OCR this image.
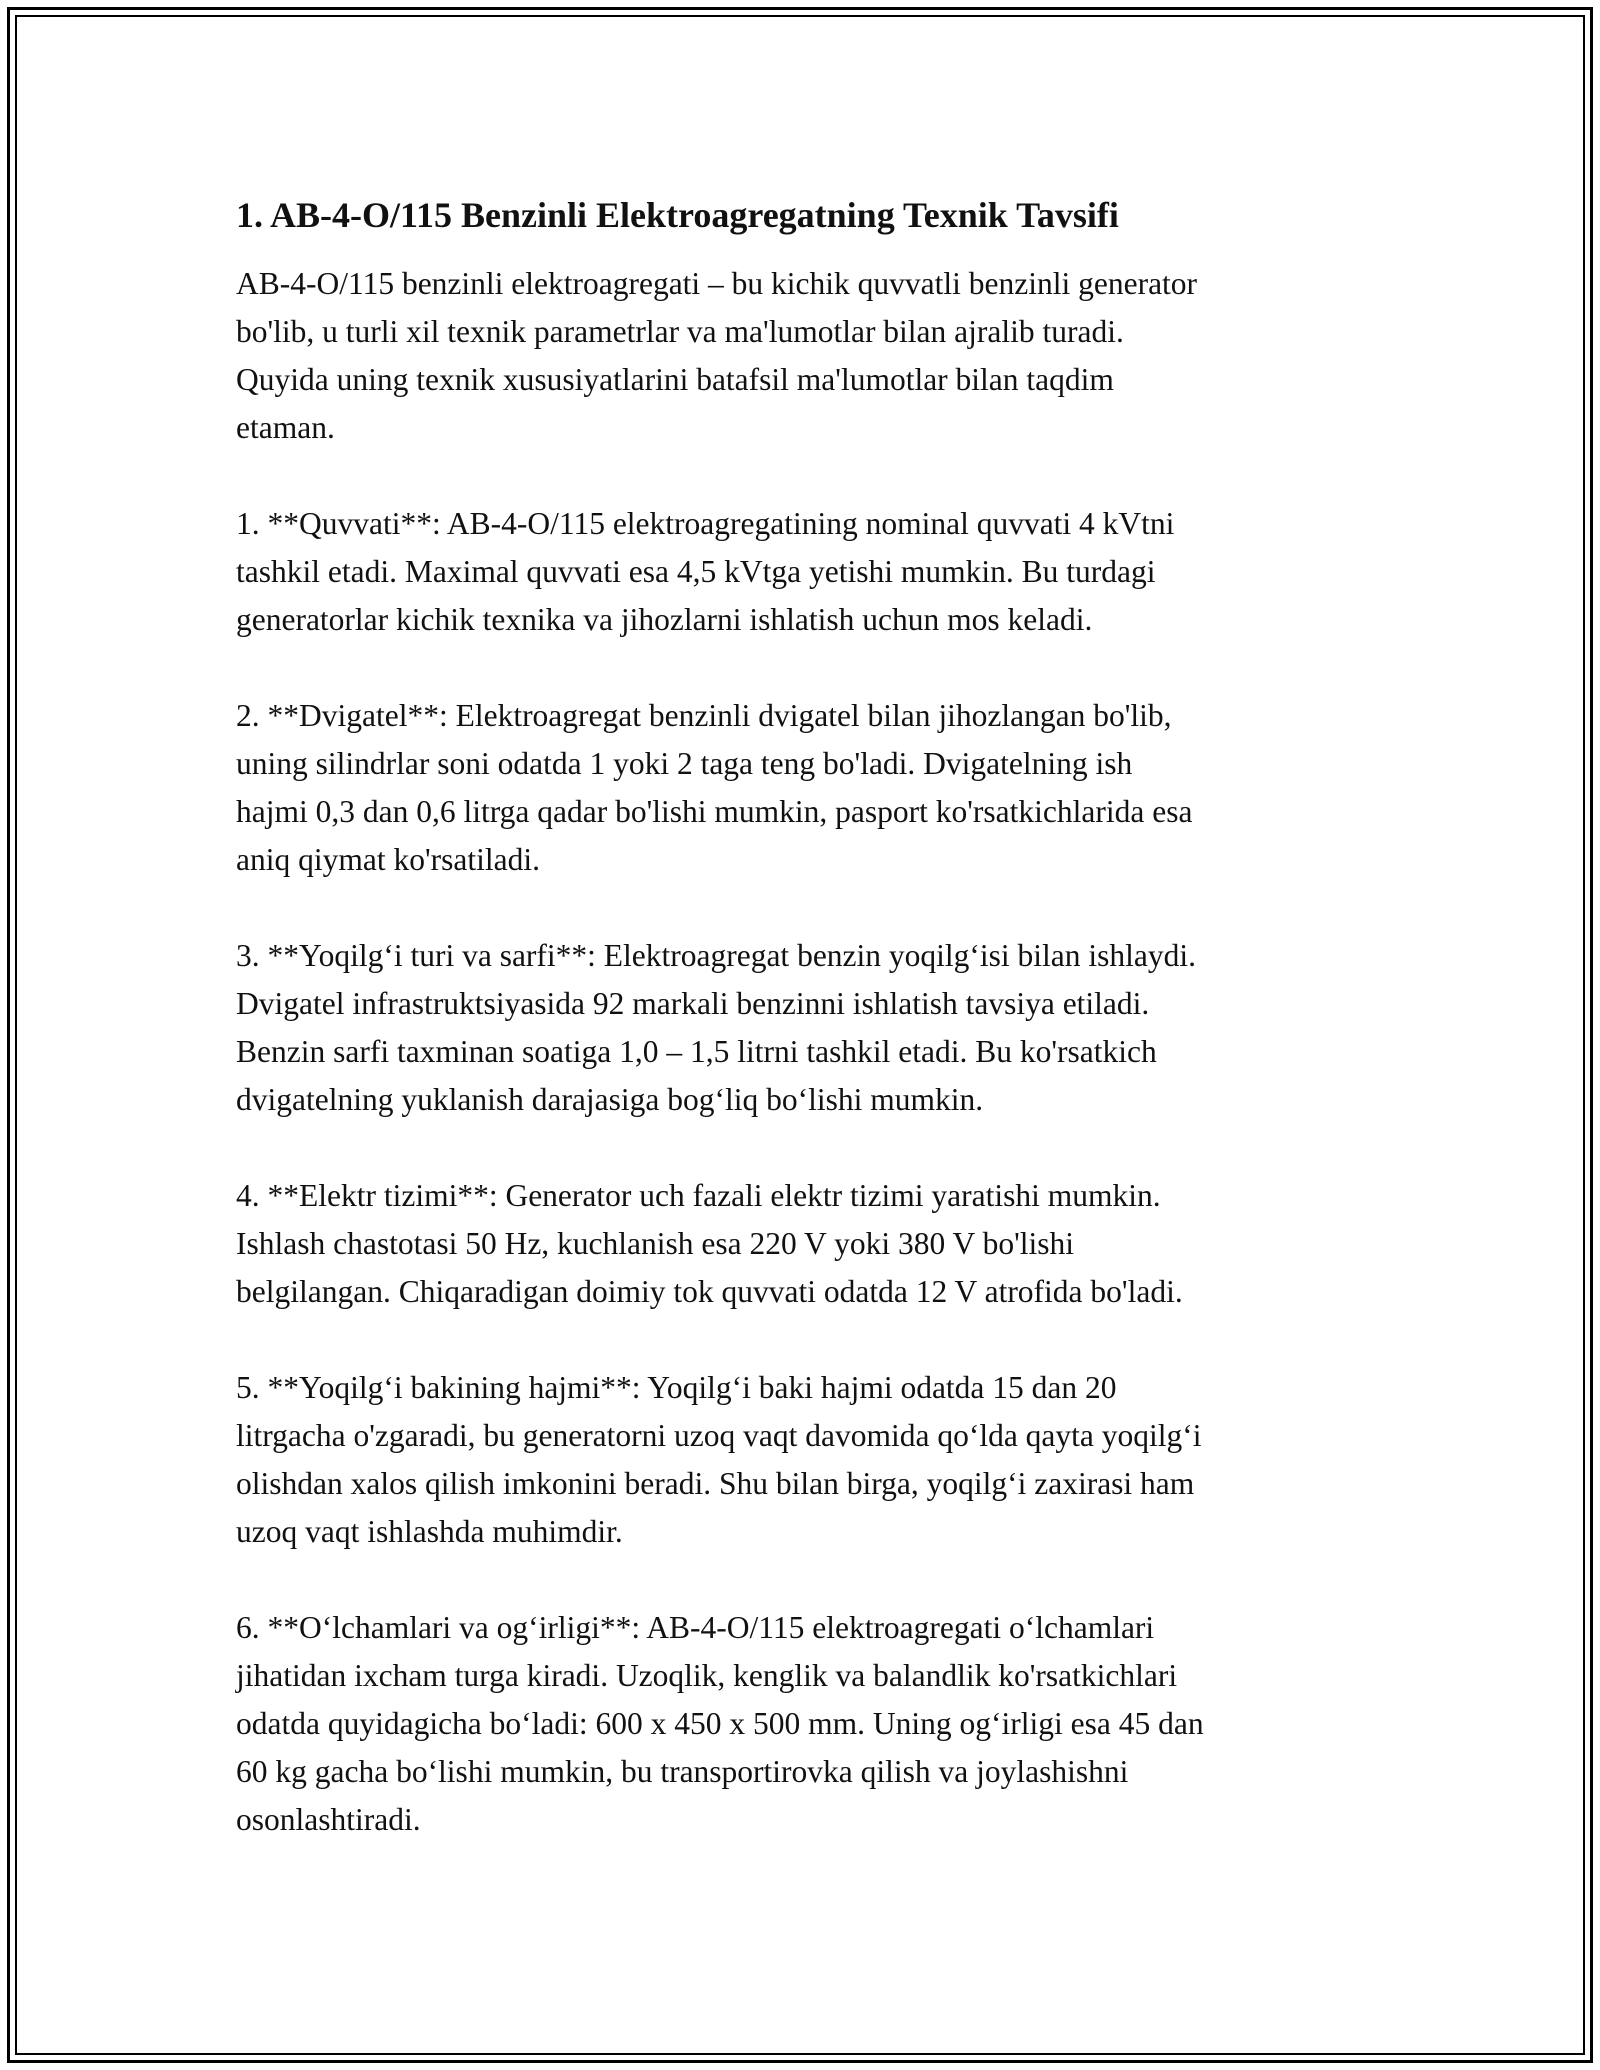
1. AB-4-O/115 Benzinli Elektroagregatning Texnik Tavsifi

AB-4-O/115 benzinli elektroagregati – bu kichik quvvatli benzinli generator
bo'lib, u turli xil texnik parametrlar va ma'lumotlar bilan ajralib turadi.
Quyida uning texnik xususiyatlarini batafsil ma'lumotlar bilan taqdim
etaman.

1. **Quvvati**: AB-4-O/115 elektroagregatining nominal quvvati 4 kVtni
tashkil etadi. Maximal quvvati esa 4,5 kVtga yetishi mumkin. Bu turdagi
generatorlar kichik texnika va jihozlarni ishlatish uchun mos keladi.

2. **Dvigatel**: Elektroagregat benzinli dvigatel bilan jihozlangan bo'lib,
uning silindrlar soni odatda 1 yoki 2 taga teng bo'ladi. Dvigatelning ish
hajmi 0,3 dan 0,6 litrga qadar bo'lishi mumkin, pasport ko'rsatkichlarida esa
aniq qiymat ko'rsatiladi.

3. **Yoqilg‘i turi va sarfi**: Elektroagregat benzin yoqilg‘isi bilan ishlaydi.
Dvigatel infrastruktsiyasida 92 markali benzinni ishlatish tavsiya etiladi.
Benzin sarfi taxminan soatiga 1,0 – 1,5 litrni tashkil etadi. Bu ko'rsatkich
dvigatelning yuklanish darajasiga bog‘liq bo‘lishi mumkin.

4. **Elektr tizimi**: Generator uch fazali elektr tizimi yaratishi mumkin.
Ishlash chastotasi 50 Hz, kuchlanish esa 220 V yoki 380 V bo'lishi
belgilangan. Chiqaradigan doimiy tok quvvati odatda 12 V atrofida bo'ladi.

5. **Yoqilg‘i bakining hajmi**: Yoqilg‘i baki hajmi odatda 15 dan 20
litrgacha o'zgaradi, bu generatorni uzoq vaqt davomida qo‘lda qayta yoqilg‘i
olishdan xalos qilish imkonini beradi. Shu bilan birga, yoqilg‘i zaxirasi ham
uzoq vaqt ishlashda muhimdir.

6. **O‘lchamlari va og‘irligi**: AB-4-O/115 elektroagregati o‘lchamlari
jihatidan ixcham turga kiradi. Uzoqlik, kenglik va balandlik ko'rsatkichlari
odatda quyidagicha bo‘ladi: 600 x 450 x 500 mm. Uning og‘irligi esa 45 dan
60 kg gacha bo‘lishi mumkin, bu transportirovka qilish va joylashishni
osonlashtiradi.
